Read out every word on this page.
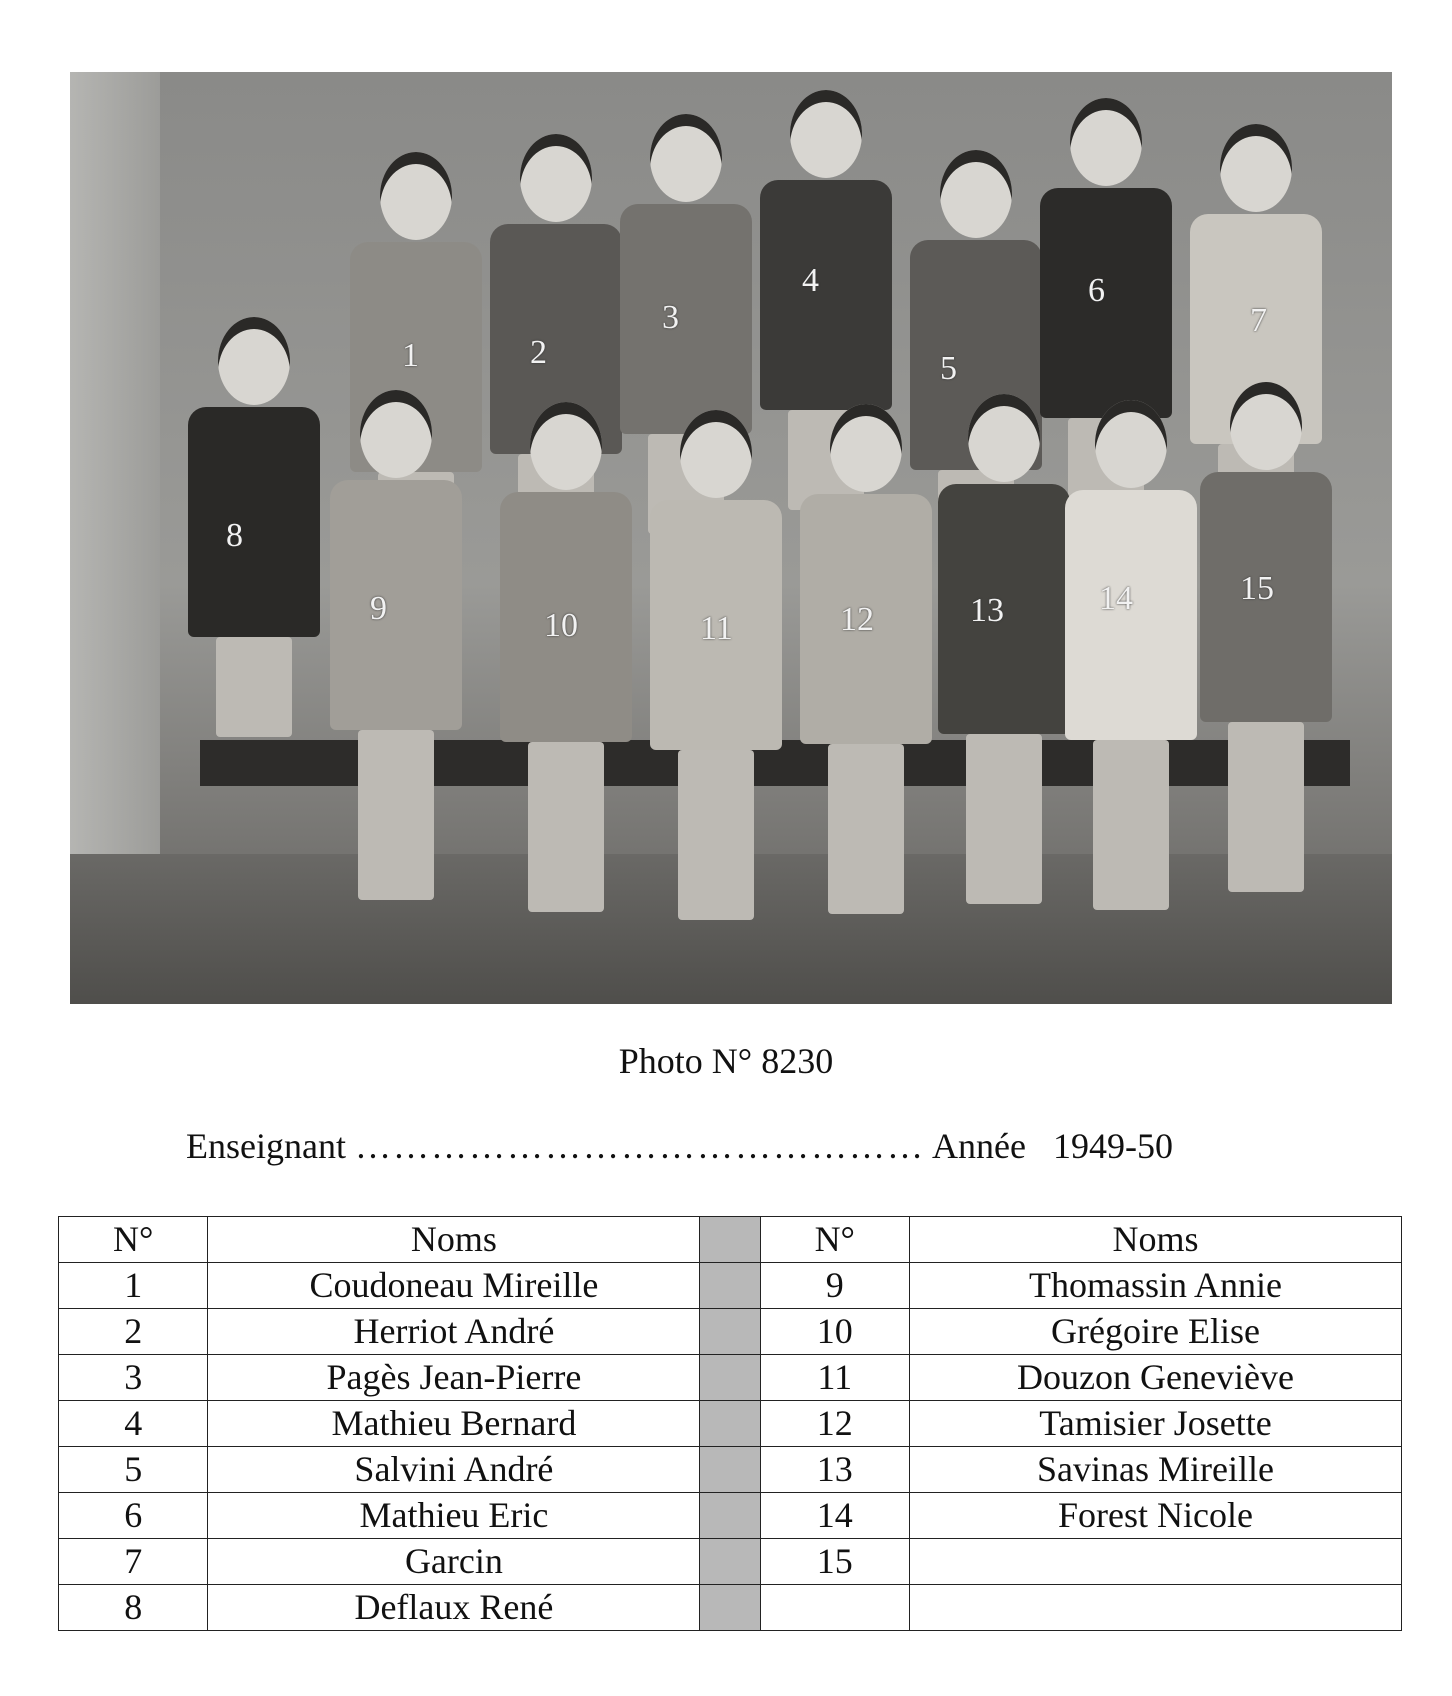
1	2
3
4
5
6
7
8
9	10	11	12	13	14	15
Photo N° 8230
Enseignant ……………………………………… Année 1949-50
N°	Noms		N°	Noms
1	Coudoneau Mireille		9	Thomassin Annie
2	Herriot André		10	Grégoire Elise
3	Pagès Jean-Pierre		11	Douzon Geneviève
4	Mathieu Bernard		12	Tamisier Josette
5	Salvini André		13	Savinas Mireille
6	Mathieu Eric		14	Forest Nicole
7	Garcin		15	
8	Deflaux René			
